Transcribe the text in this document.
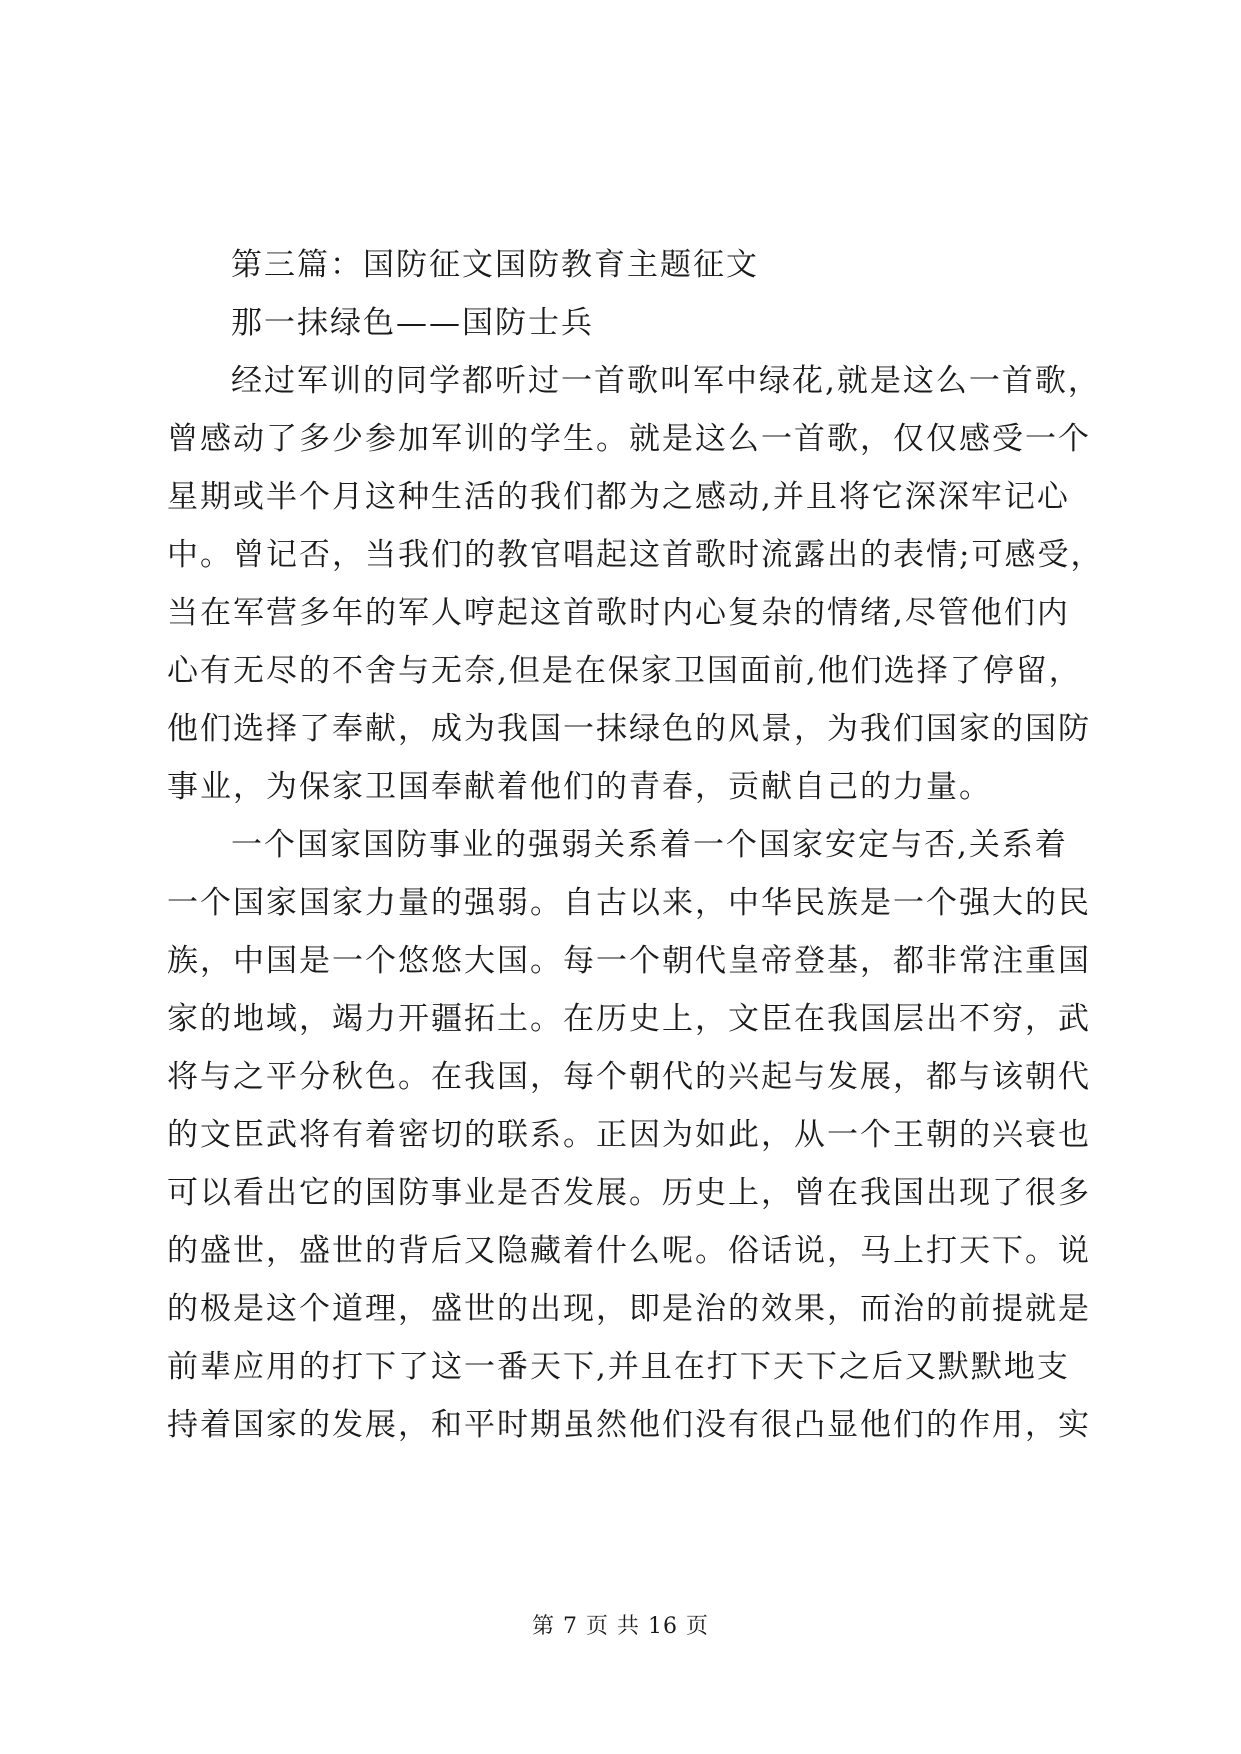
第三篇：国防征文国防教育主题征文
那一抹绿色——国防士兵
经过军训的同学都听过一首歌叫军中绿花,就是这么一首歌，
曾感动了多少参加军训的学生。就是这么一首歌，仅仅感受一个
星期或半个月这种生活的我们都为之感动,并且将它深深牢记心
中。曾记否，当我们的教官唱起这首歌时流露出的表情;可感受，
当在军营多年的军人哼起这首歌时内心复杂的情绪,尽管他们内
心有无尽的不舍与无奈,但是在保家卫国面前,他们选择了停留，
他们选择了奉献，成为我国一抹绿色的风景，为我们国家的国防
事业，为保家卫国奉献着他们的青春，贡献自己的力量。
一个国家国防事业的强弱关系着一个国家安定与否,关系着
一个国家国家力量的强弱。自古以来，中华民族是一个强大的民
族，中国是一个悠悠大国。每一个朝代皇帝登基，都非常注重国
家的地域，竭力开疆拓土。在历史上，文臣在我国层出不穷，武
将与之平分秋色。在我国，每个朝代的兴起与发展，都与该朝代
的文臣武将有着密切的联系。正因为如此，从一个王朝的兴衰也
可以看出它的国防事业是否发展。历史上，曾在我国出现了很多
的盛世，盛世的背后又隐藏着什么呢。俗话说，马上打天下。说
的极是这个道理，盛世的出现，即是治的效果，而治的前提就是
前辈应用的打下了这一番天下,并且在打下天下之后又默默地支
持着国家的发展，和平时期虽然他们没有很凸显他们的作用，实
第 7 页 共 16 页
